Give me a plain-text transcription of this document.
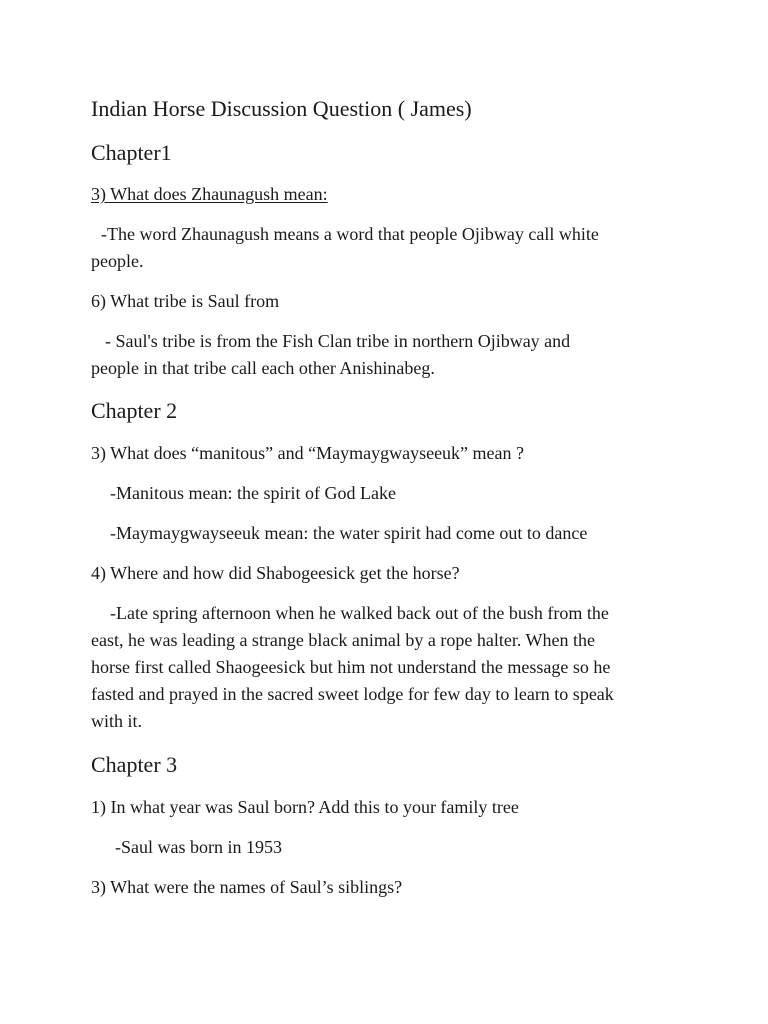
Indian Horse Discussion Question ( James)

Chapter1

3) What does Zhaunagush mean:

-The word Zhaunagush means a word that people Ojibway call white

people.

6) What tribe is Saul from

- Saul's tribe is from the Fish Clan tribe in northern Ojibway and

people in that tribe call each other Anishinabeg.

Chapter 2

3) What does “manitous” and “Maymaygwayseeuk” mean ?

-Manitous mean: the spirit of God Lake

-Maymaygwayseeuk mean: the water spirit had come out to dance

4) Where and how did Shabogeesick get the horse?

-Late spring afternoon when he walked back out of the bush from the

east, he was leading a strange black animal by a rope halter. When the

horse first called Shaogeesick but him not understand the message so he

fasted and prayed in the sacred sweet lodge for few day to learn to speak

with it.

Chapter 3

1) In what year was Saul born? Add this to your family tree

-Saul was born in 1953

3) What were the names of Saul’s siblings?
